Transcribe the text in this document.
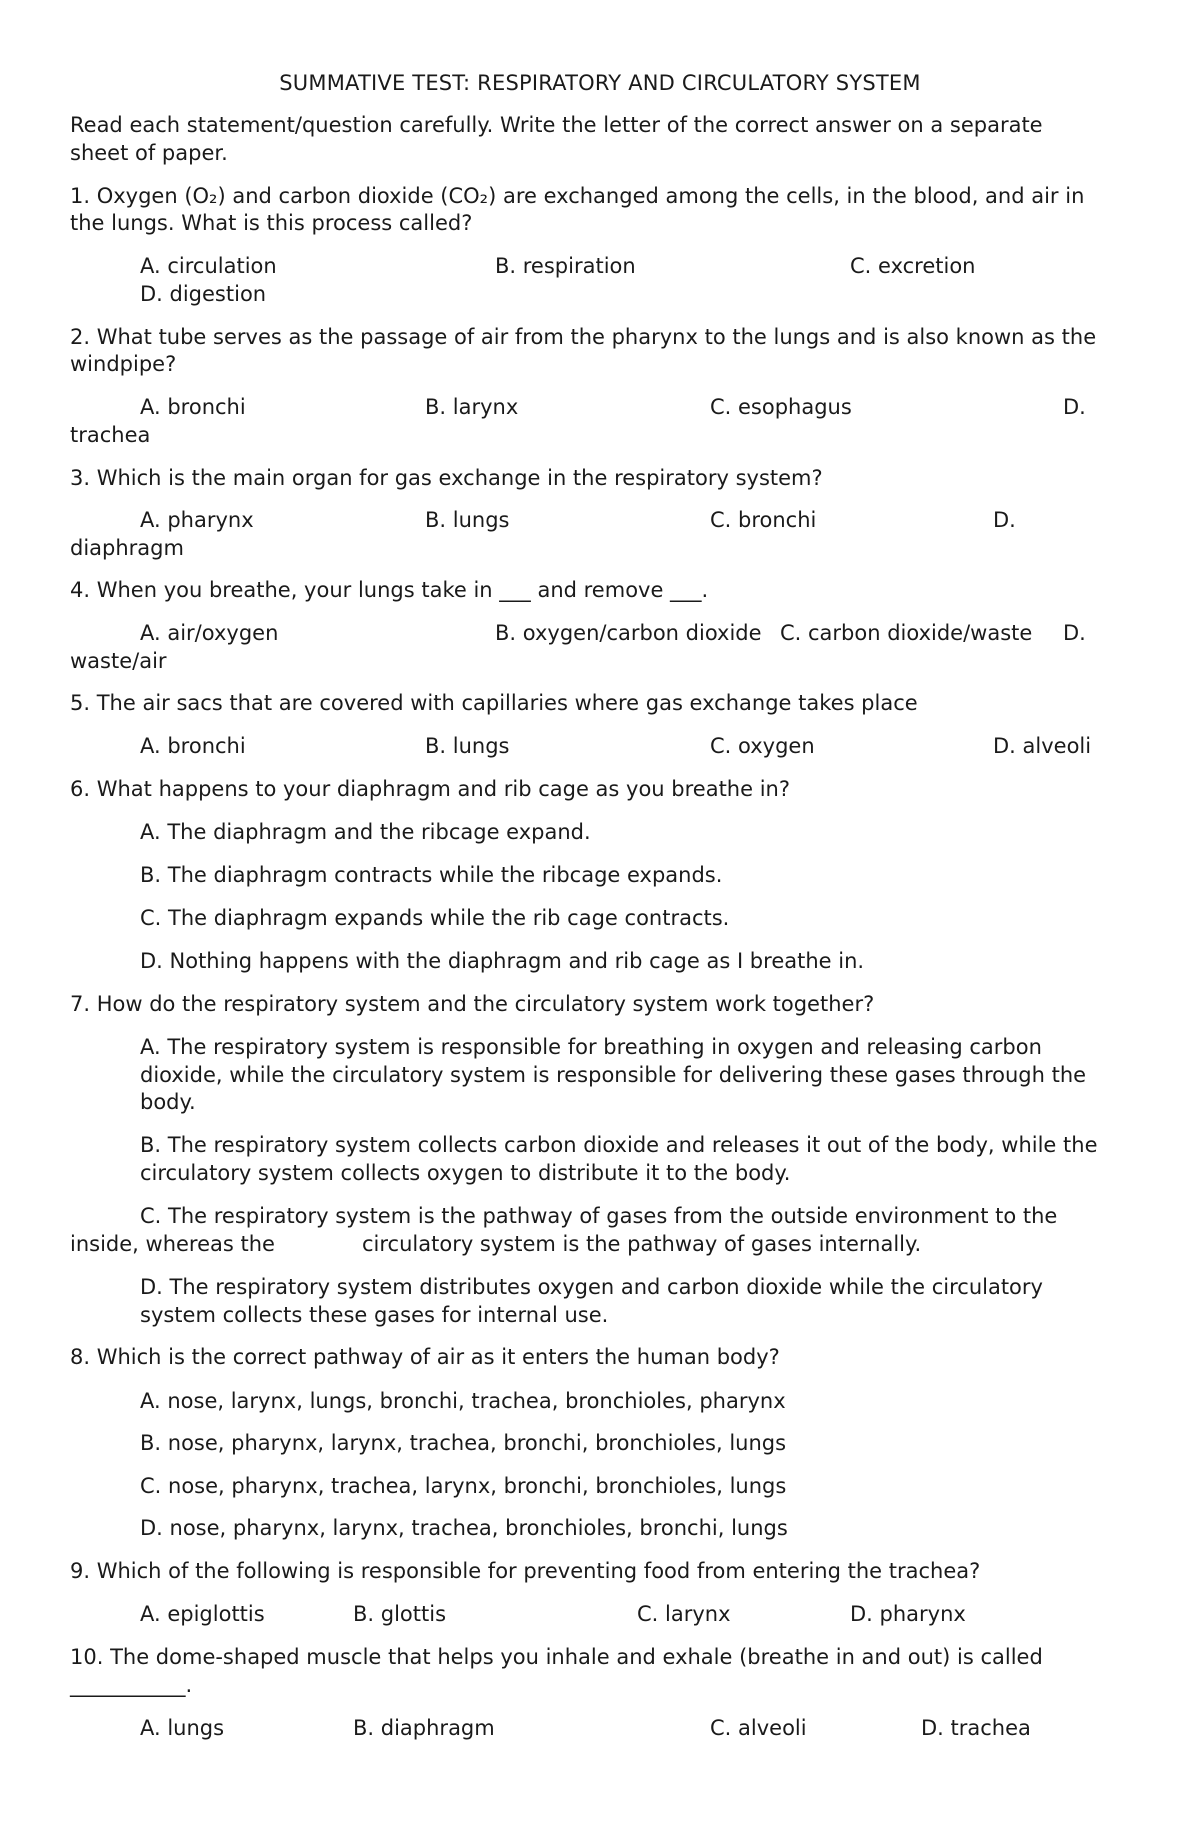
SUMMATIVE TEST: RESPIRATORY AND CIRCULATORY SYSTEM
Read each statement/question carefully. Write the letter of the correct answer on a separate
sheet of paper.
1. Oxygen (O₂) and carbon dioxide (CO₂) are exchanged among the cells, in the blood, and air in
the lungs. What is this process called?
A. circulation	B. respiration	C. excretion
D. digestion
2. What tube serves as the passage of air from the pharynx to the lungs and is also known as the
windpipe?
A. bronchi	B. larynx	C. esophagus	D.
trachea
3. Which is the main organ for gas exchange in the respiratory system?
A. pharynx	B. lungs	C. bronchi	D.
diaphragm
4. When you breathe, your lungs take in ___ and remove ___.
A. air/oxygen	B. oxygen/carbon dioxide C. carbon dioxide/waste D.
waste/air
5. The air sacs that are covered with capillaries where gas exchange takes place
A. bronchi	B. lungs	C. oxygen	D. alveoli
6. What happens to your diaphragm and rib cage as you breathe in?
A. The diaphragm and the ribcage expand.
B. The diaphragm contracts while the ribcage expands.
C. The diaphragm expands while the rib cage contracts.
D. Nothing happens with the diaphragm and rib cage as I breathe in.
7. How do the respiratory system and the circulatory system work together?
A. The respiratory system is responsible for breathing in oxygen and releasing carbon
dioxide, while the circulatory system is responsible for delivering these gases through the
body.
B. The respiratory system collects carbon dioxide and releases it out of the body, while the
circulatory system collects oxygen to distribute it to the body.
C. The respiratory system is the pathway of gases from the outside environment to the
inside, whereas the	circulatory system is the pathway of gases internally.
D. The respiratory system distributes oxygen and carbon dioxide while the circulatory
system collects these gases for internal use.
8. Which is the correct pathway of air as it enters the human body?
A. nose, larynx, lungs, bronchi, trachea, bronchioles, pharynx
B. nose, pharynx, larynx, trachea, bronchi, bronchioles, lungs
C. nose, pharynx, trachea, larynx, bronchi, bronchioles, lungs
D. nose, pharynx, larynx, trachea, bronchioles, bronchi, lungs
9. Which of the following is responsible for preventing food from entering the trachea?
A. epiglottis	B. glottis	C. larynx	D. pharynx
10. The dome-shaped muscle that helps you inhale and exhale (breathe in and out) is called
___________.
A. lungs	B. diaphragm	C. alveoli	D. trachea
